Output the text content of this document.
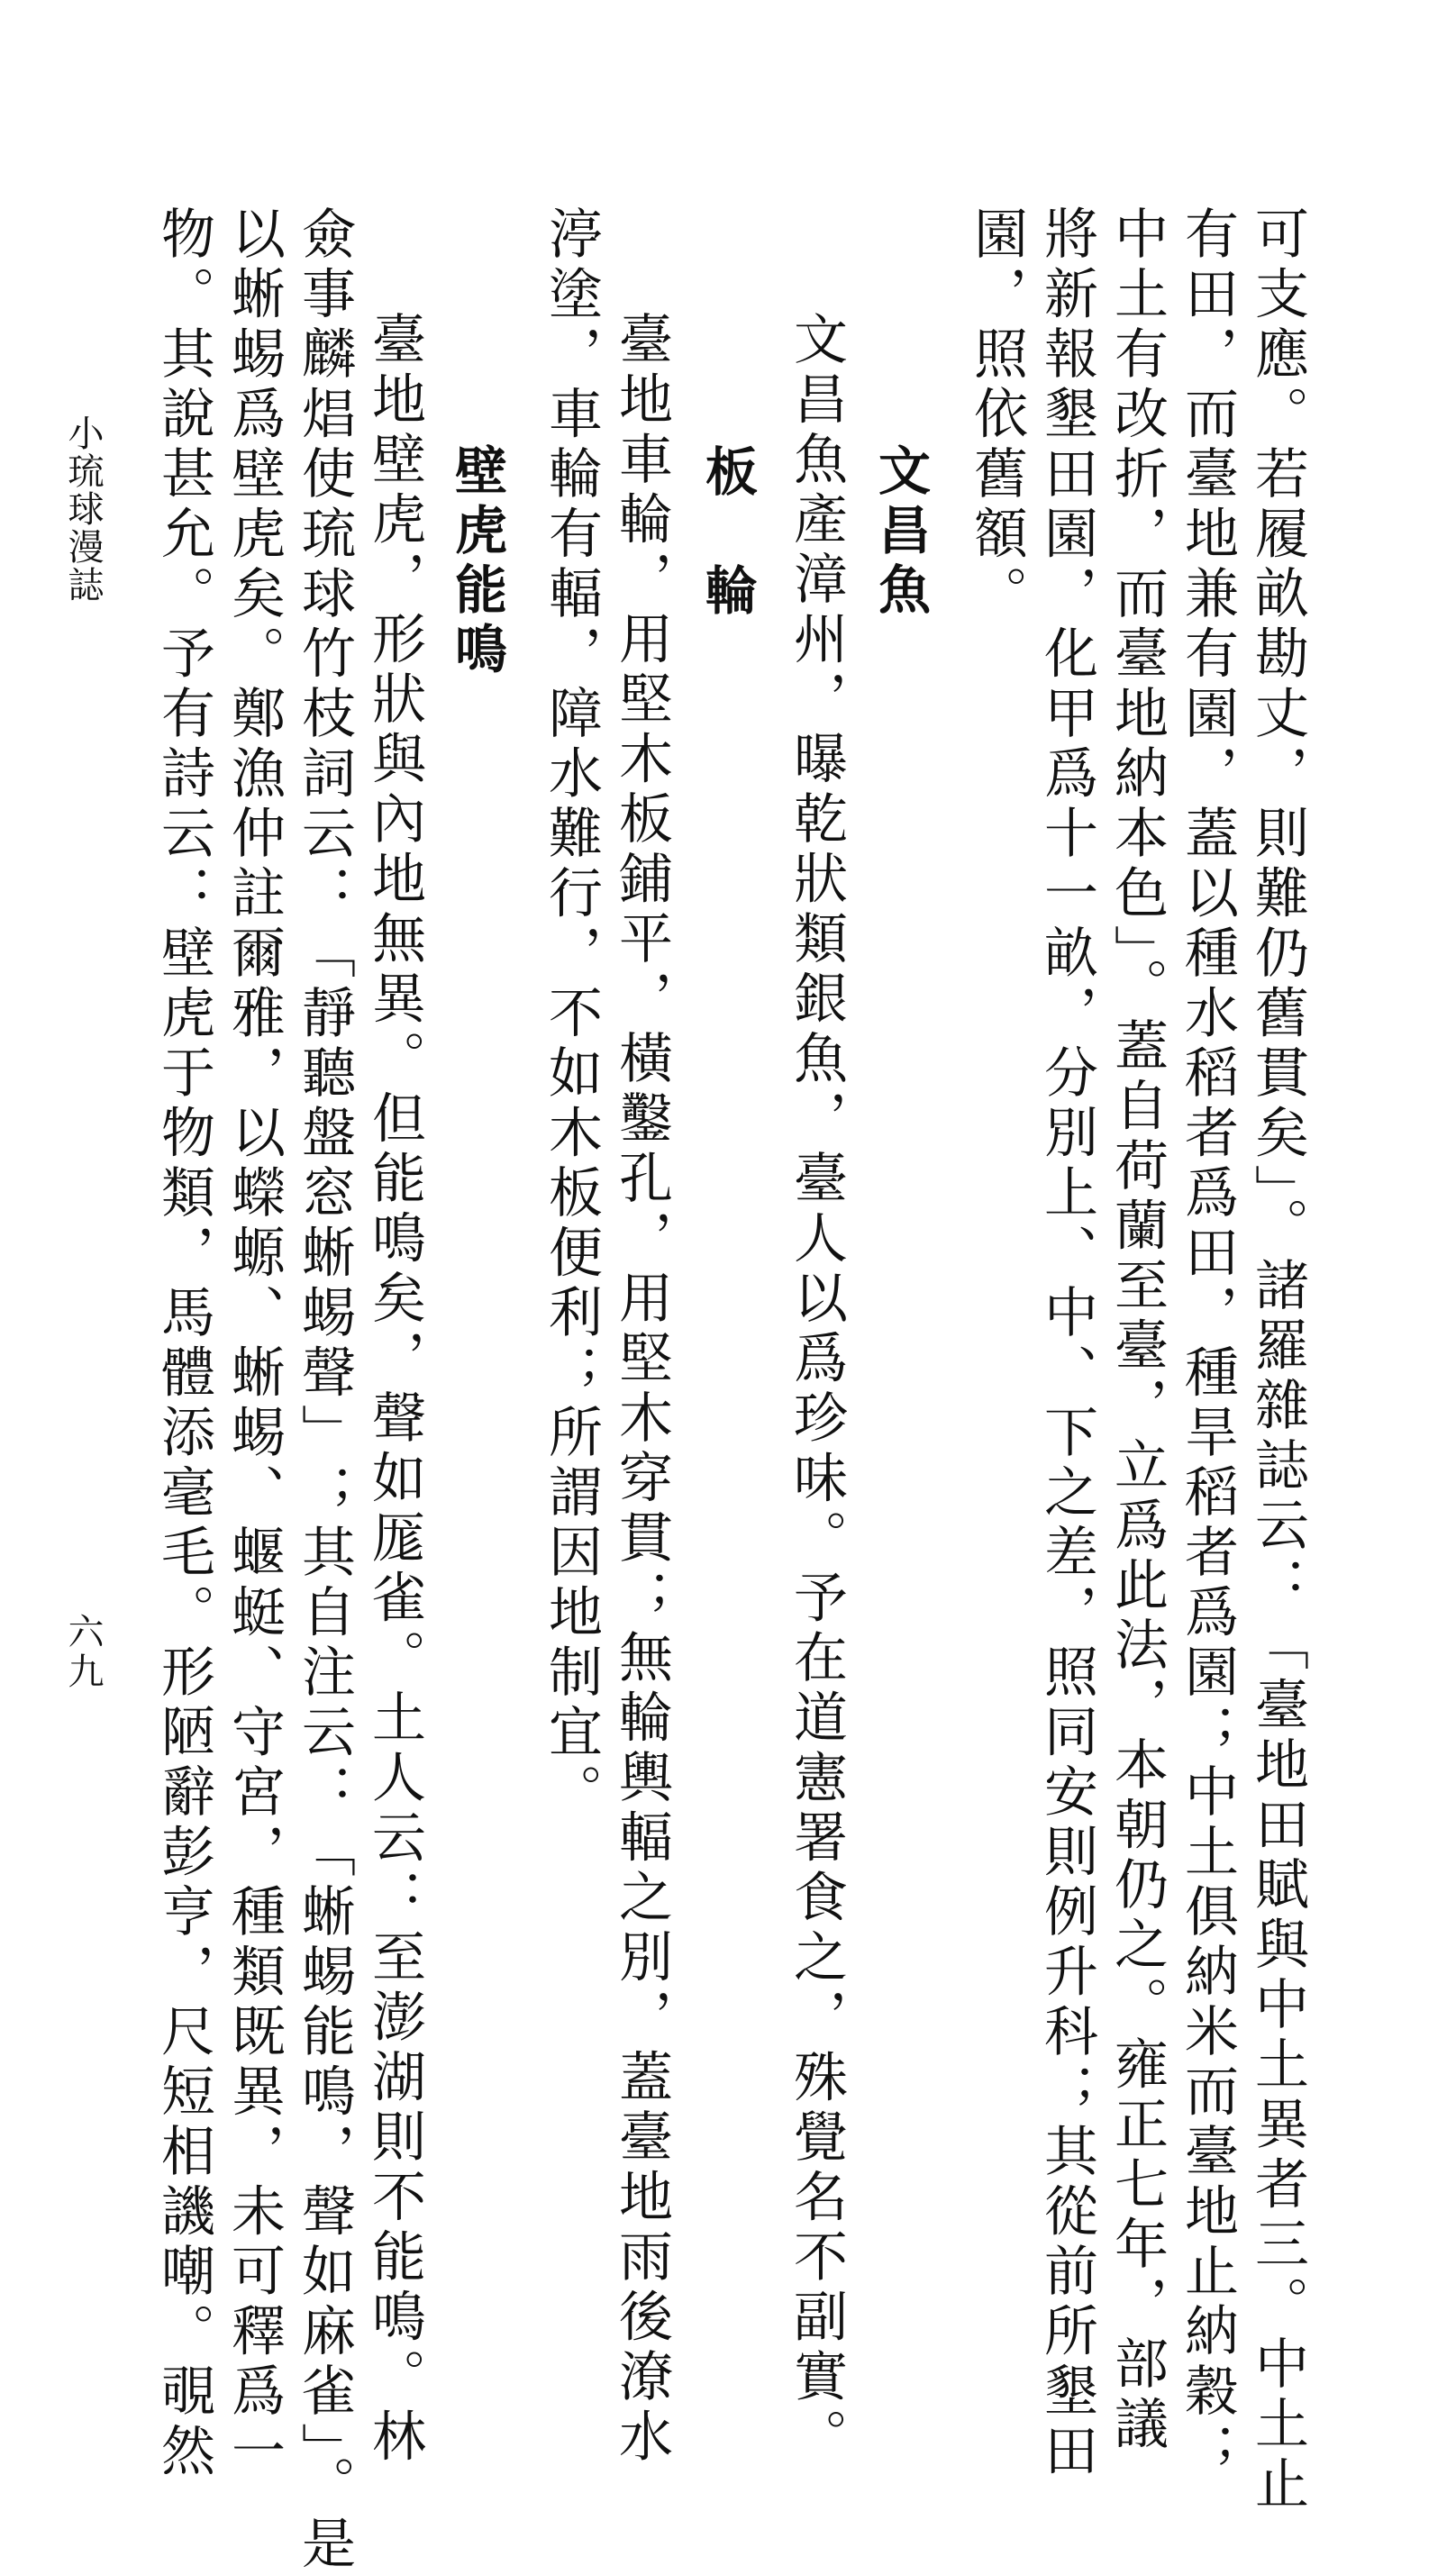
可支應。若履畝勘丈，則難仍舊貫矣」。諸羅雜誌云：「臺地田賦與中土異者三。中土止
有田，而臺地兼有園，蓋以種水稻者爲田，種旱稻者爲園；中土俱納米而臺地止納穀；
中土有改折，而臺地納本色」。蓋自荷蘭至臺，立爲此法，本朝仍之。雍正七年，部議
將新報墾田園，化甲爲十一畝，分別上、中、下之差，照同安則例升科；其從前所墾田
園，照依舊額。
文昌魚
文昌魚產漳州，曝乾狀類銀魚，臺人以爲珍味。予在道憲署食之，殊覺名不副實。
板　輪
臺地車輪，用堅木板鋪平，橫鑿孔，用堅木穿貫；無輪輿輻之別，蓋臺地雨後潦水
渟塗，車輪有輻，障水難行，不如木板便利；所謂因地制宜。
壁虎能鳴
臺地壁虎，形狀與內地無異。但能鳴矣，聲如厖雀。土人云：至澎湖則不能鳴。林
僉事麟焻使琉球竹枝詞云：「靜聽盤窓蜥蜴聲」；其自注云：「蜥蜴能鳴，聲如麻雀」。是
以蜥蜴爲壁虎矣。鄭漁仲註爾雅，以蠑螈、蜥蜴、蝘蜓、守宮，種類既異，未可釋爲一
物。其說甚允。予有詩云：壁虎于物類，馬體添毫毛。形陋辭彭亨，尺短相譏嘲。覗然
小琉球漫誌
六九
